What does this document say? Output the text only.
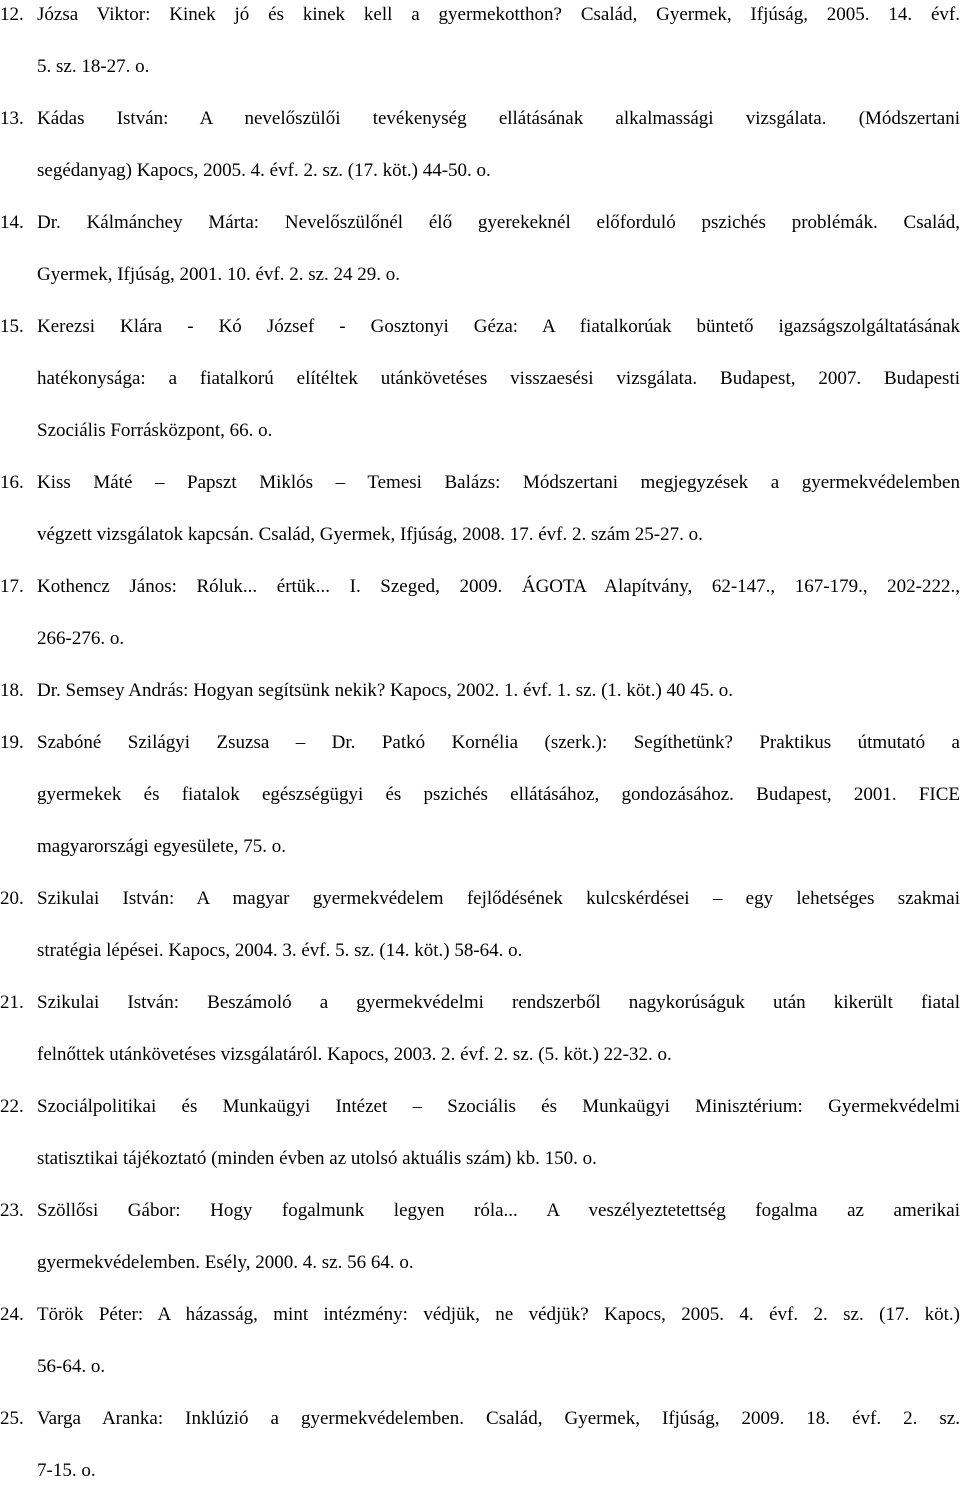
12. Józsa Viktor: Kinek jó és kinek kell a gyermekotthon? Család, Gyermek, Ifjúság, 2005. 14. évf.
5. sz. 18-27. o.
13. Kádas István: A nevelőszülői tevékenység ellátásának alkalmassági vizsgálata. (Módszertani
segédanyag) Kapocs, 2005. 4. évf. 2. sz. (17. köt.) 44-50. o.
14. Dr. Kálmánchey Márta: Nevelőszülőnél élő gyerekeknél előforduló pszichés problémák. Család,
Gyermek, Ifjúság, 2001. 10. évf. 2. sz. 24 29. o.
15. Kerezsi Klára - Kó József - Gosztonyi Géza: A fiatalkorúak büntető igazságszolgáltatásának
hatékonysága: a fiatalkorú elítéltek utánkövetéses visszaesési vizsgálata. Budapest, 2007. Budapesti
Szociális Forrásközpont, 66. o.
16. Kiss Máté – Papszt Miklós – Temesi Balázs: Módszertani megjegyzések a gyermekvédelemben
végzett vizsgálatok kapcsán. Család, Gyermek, Ifjúság, 2008. 17. évf. 2. szám 25-27. o.
17. Kothencz János: Róluk... értük... I. Szeged, 2009. ÁGOTA Alapítvány, 62-147., 167-179., 202-222.,
266-276. o.
18. Dr. Semsey András: Hogyan segítsünk nekik? Kapocs, 2002. 1. évf. 1. sz. (1. köt.) 40 45. o.
19. Szabóné Szilágyi Zsuzsa – Dr. Patkó Kornélia (szerk.): Segíthetünk? Praktikus útmutató a
gyermekek és fiatalok egészségügyi és pszichés ellátásához, gondozásához. Budapest, 2001. FICE
magyarországi egyesülete, 75. o.
20. Szikulai István: A magyar gyermekvédelem fejlődésének kulcskérdései – egy lehetséges szakmai
stratégia lépései. Kapocs, 2004. 3. évf. 5. sz. (14. köt.) 58-64. o.
21. Szikulai István: Beszámoló a gyermekvédelmi rendszerből nagykorúságuk után kikerült fiatal
felnőttek utánkövetéses vizsgálatáról. Kapocs, 2003. 2. évf. 2. sz. (5. köt.) 22-32. o.
22. Szociálpolitikai és Munkaügyi Intézet – Szociális és Munkaügyi Minisztérium: Gyermekvédelmi
statisztikai tájékoztató (minden évben az utolsó aktuális szám) kb. 150. o.
23. Szöllősi Gábor: Hogy fogalmunk legyen róla... A veszélyeztetettség fogalma az amerikai
gyermekvédelemben. Esély, 2000. 4. sz. 56 64. o.
24. Török Péter: A házasság, mint intézmény: védjük, ne védjük? Kapocs, 2005. 4. évf. 2. sz. (17. köt.)
56-64. o.
25. Varga Aranka: Inklúzió a gyermekvédelemben. Család, Gyermek, Ifjúság, 2009. 18. évf. 2. sz.
7-15. o.
